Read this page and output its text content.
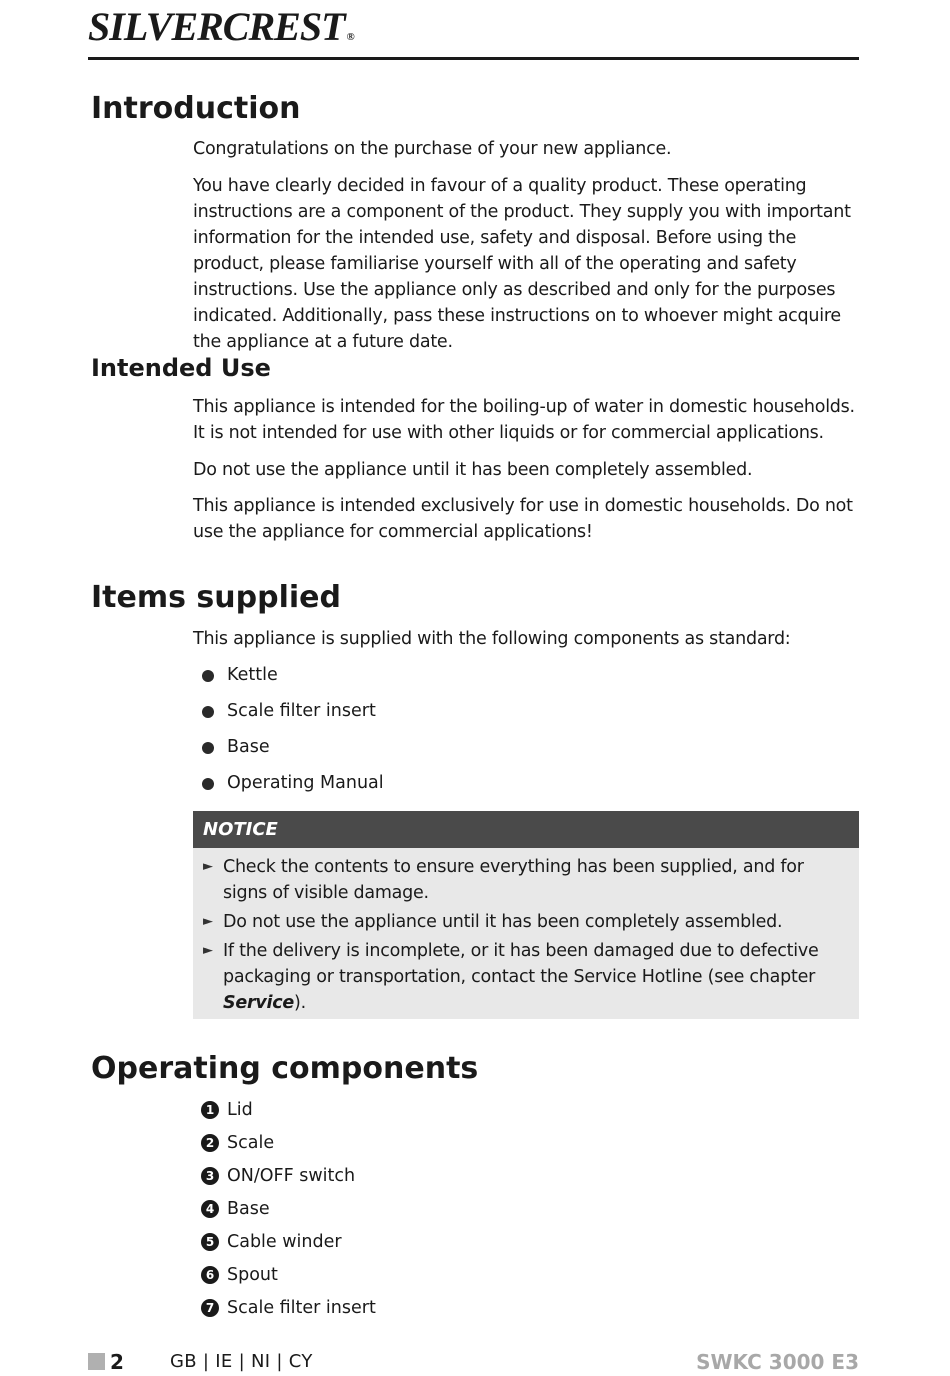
SILVERCREST ®
Introduction

Congratulations on the purchase of your new appliance.

You have clearly decided in favour of a quality product. These operating instructions are a component of the product. They supply you with important information for the intended use, safety and disposal. Before using the product, please familiarise yourself with all of the operating and safety instructions. Use the appliance only as described and only for the purposes indicated. Additionally, pass these instructions on to whoever might acquire the appliance at a future date.

Intended Use

This appliance is intended for the boiling-up of water in domestic households. It is not intended for use with other liquids or for commercial applications.

Do not use the appliance until it has been completely assembled.

This appliance is intended exclusively for use in domestic households. Do not use the appliance for commercial applications!

Items supplied

This appliance is supplied with the following components as standard:

Kettle
Scale filter insert
Base
Operating Manual
NOTICE
► Check the contents to ensure everything has been supplied, and for signs of visible damage.
► Do not use the appliance until it has been completely assembled.
► If the delivery is incomplete, or it has been damaged due to defective packaging or transportation, contact the Service Hotline (see chapter Service).
Operating components
1 Lid
2 Scale
3 ON/OFF switch
4 Base
5 Cable winder
6 Spout
7 Scale filter insert
2	GB | IE | NI | CY	SWKC 3000 E3
